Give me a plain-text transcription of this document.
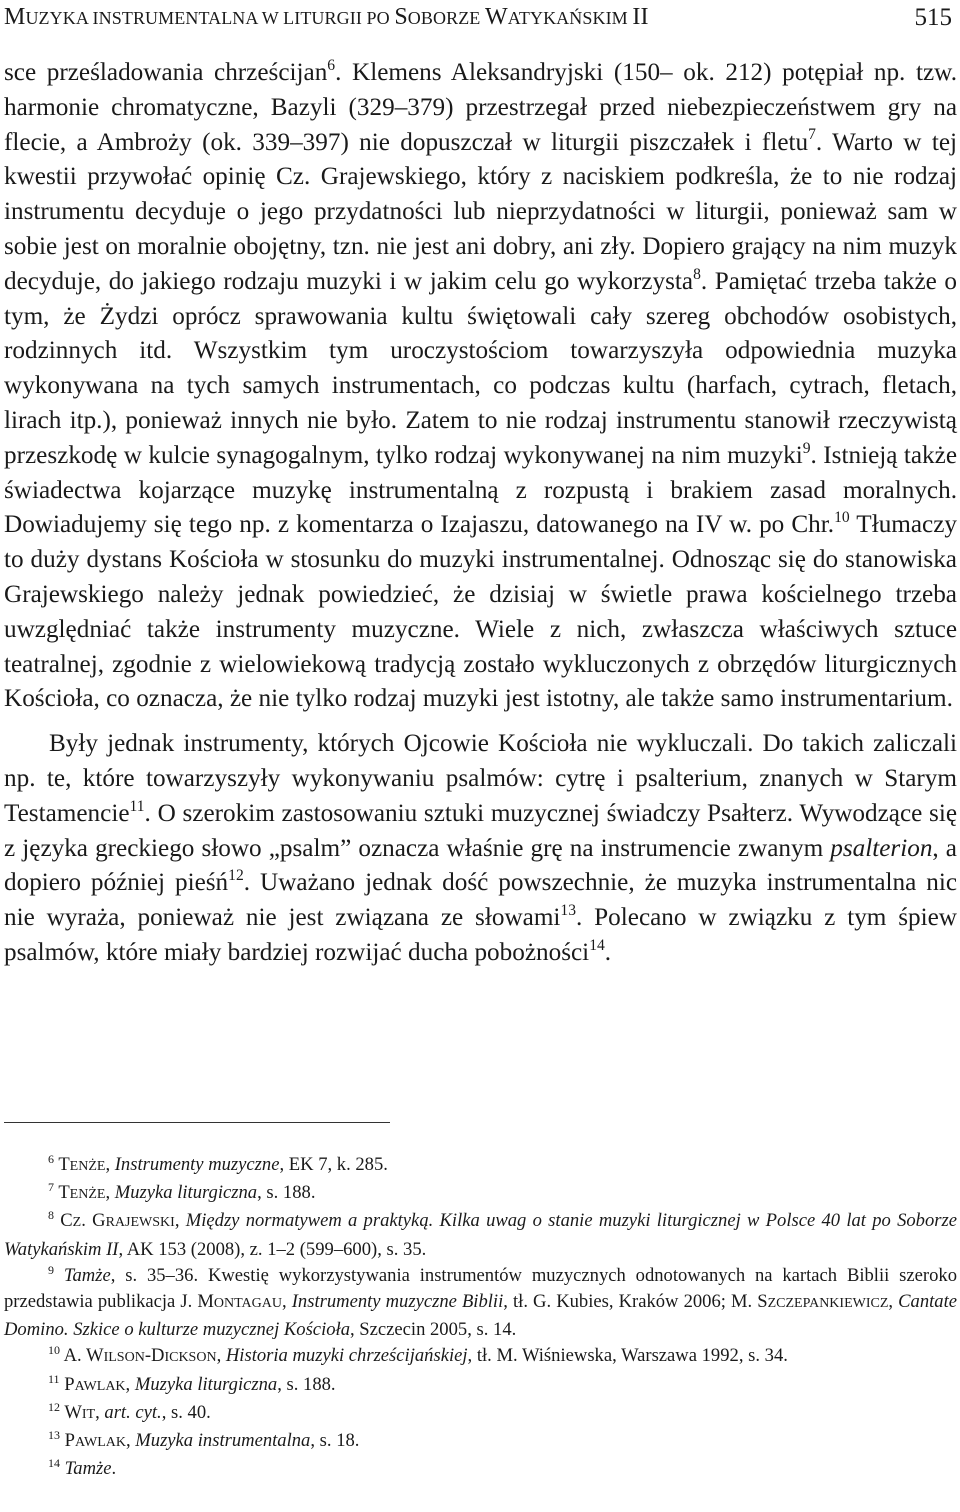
MUZYKA INSTRUMENTALNA W LITURGII PO SOBORZE WATYKAŃSKIM II	515

sce prześladowania chrześcijan$^6$. Klemens Aleksandryjski (150– ok. 212) potępiał np. tzw. harmonie chromatyczne, Bazyli (329–379) przestrzegał przed niebezpieczeństwem gry na flecie, a Ambroży (ok. 339–397) nie dopuszczał w liturgii piszczałek i fletu$^7$. Warto w tej kwestii przywołać opinię Cz. Grajewskiego, który z naciskiem podkreśla, że to nie rodzaj instrumentu decyduje o jego przydatności lub nieprzydatności w liturgii, ponieważ sam w sobie jest on moralnie obojętny, tzn. nie jest ani dobry, ani zły. Dopiero grający na nim muzyk decyduje, do jakiego rodzaju muzyki i w jakim celu go wykorzysta$^8$. Pamiętać trzeba także o tym, że Żydzi oprócz sprawowania kultu świętowali cały szereg obchodów osobistych, rodzinnych itd. Wszystkim tym uroczystościom towarzyszyła odpowiednia muzyka wykonywana na tych samych instrumentach, co podczas kultu (harfach, cytrach, fletach, lirach itp.), ponieważ innych nie było. Zatem to nie rodzaj instrumentu stanowił rzeczywistą przeszkodę w kulcie synagogalnym, tylko rodzaj wykonywanej na nim muzyki$^9$. Istnieją także świadectwa kojarzące muzykę instrumentalną z rozpustą i brakiem zasad moralnych. Dowiadujemy się tego np. z komentarza o Izajaszu, datowanego na IV w. po Chr.$^{10}$ Tłumaczy to duży dystans Kościoła w stosunku do muzyki instrumentalnej. Odnosząc się do stanowiska Grajewskiego należy jednak powiedzieć, że dzisiaj w świetle prawa kościelnego trzeba uwzględniać także instrumenty muzyczne. Wiele z nich, zwłaszcza właściwych sztuce teatralnej, zgodnie z wielowiekową tradycją zostało wykluczonych z obrzędów liturgicznych Kościoła, co oznacza, że nie tylko rodzaj muzyki jest istotny, ale także samo instrumentarium.

Były jednak instrumenty, których Ojcowie Kościoła nie wykluczali. Do takich zaliczali np. te, które towarzyszyły wykonywaniu psalmów: cytrę i psalterium, znanych w Starym Testamencie$^{11}$. O szerokim zastosowaniu sztuki muzycznej świadczy Psałterz. Wywodzące się z języka greckiego słowo „psalm” oznacza właśnie grę na instrumencie zwanym psalterion, a dopiero później pieśń$^{12}$. Uważano jednak dość powszechnie, że muzyka instrumentalna nic nie wyraża, ponieważ nie jest związana ze słowami$^{13}$. Polecano w związku z tym śpiew psalmów, które miały bardziej rozwijać ducha pobożności$^{14}$.

$^6$ TENŻE, Instrumenty muzyczne, EK 7, k. 285.

$^7$ TENŻE, Muzyka liturgiczna, s. 188.

$^8$ CZ. GRAJEWSKI, Między normatywem a praktyką. Kilka uwag o stanie muzyki liturgicznej w Polsce 40 lat po Soborze Watykańskim II, AK 153 (2008), z. 1–2 (599–600), s. 35.

$^9$ Tamże, s. 35–36. Kwestię wykorzystywania instrumentów muzycznych odnotowanych na kartach Biblii szeroko przedstawia publikacja J. MONTAGAU, Instrumenty muzyczne Biblii, tł. G. Kubies, Kraków 2006; M. SZCZEPANKIEWICZ, Cantate Domino. Szkice o kulturze muzycznej Kościoła, Szczecin 2005, s. 14.

$^{10}$ A. WILSON-DICKSON, Historia muzyki chrześcijańskiej, tł. M. Wiśniewska, Warszawa 1992, s. 34.

$^{11}$ PAWLAK, Muzyka liturgiczna, s. 188.

$^{12}$ WIT, art. cyt., s. 40.

$^{13}$ PAWLAK, Muzyka instrumentalna, s. 18.

$^{14}$ Tamże.
